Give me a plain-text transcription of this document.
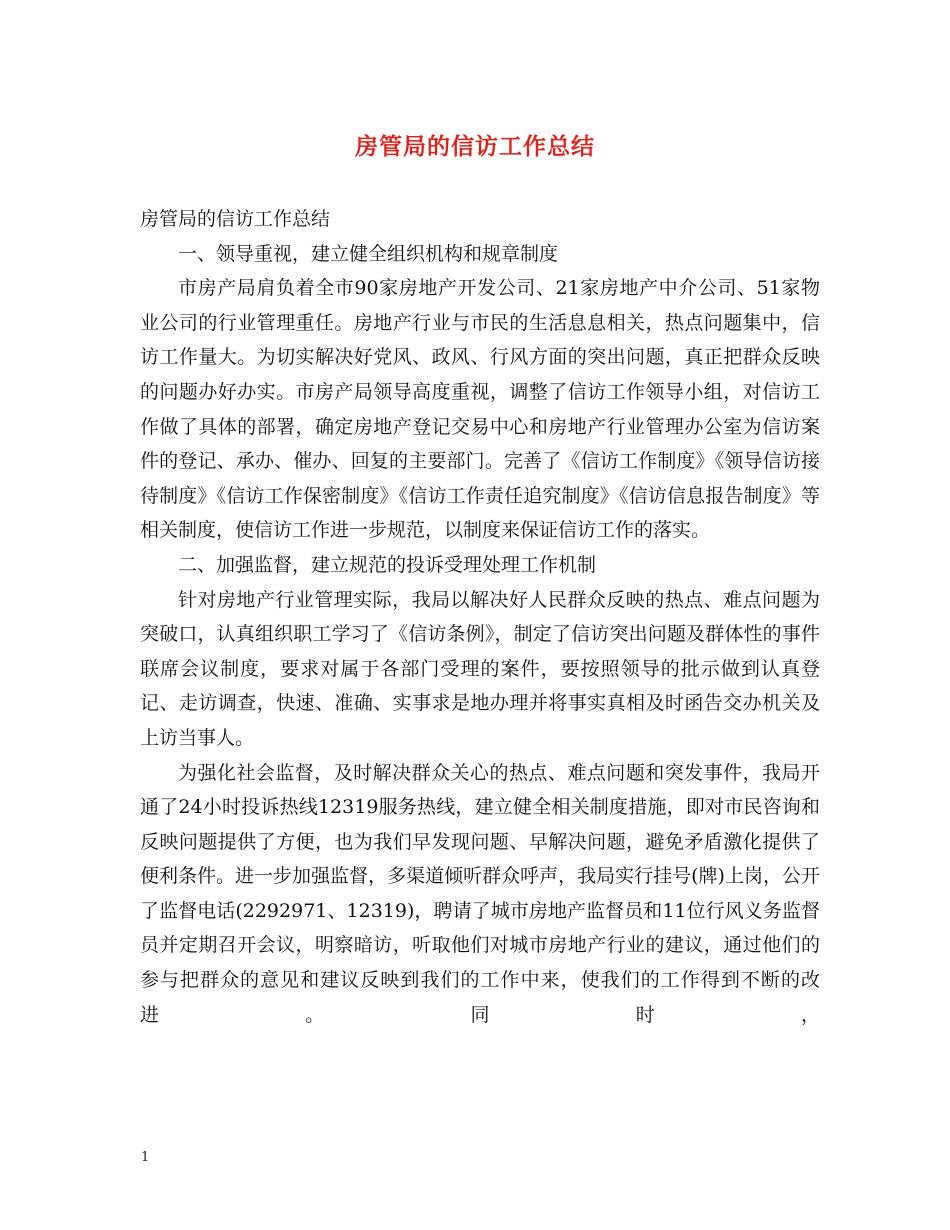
房管局的信访工作总结

房管局的信访工作总结

一、领导重视，建立健全组织机构和规章制度

市房产局肩负着全市90家房地产开发公司、21家房地产中介公司、51家物业公司的行业管理重任。房地产行业与市民的生活息息相关，热点问题集中，信访工作量大。为切实解决好党风、政风、行风方面的突出问题，真正把群众反映的问题办好办实。市房产局领导高度重视，调整了信访工作领导小组，对信访工作做了具体的部署，确定房地产登记交易中心和房地产行业管理办公室为信访案件的登记、承办、催办、回复的主要部门。完善了《信访工作制度》《领导信访接待制度》《信访工作保密制度》《信访工作责任追究制度》《信访信息报告制度》等相关制度，使信访工作进一步规范，以制度来保证信访工作的落实。

二、加强监督，建立规范的投诉受理处理工作机制

针对房地产行业管理实际，我局以解决好人民群众反映的热点、难点问题为突破口，认真组织职工学习了《信访条例》，制定了信访突出问题及群体性的事件联席会议制度，要求对属于各部门受理的案件，要按照领导的批示做到认真登记、走访调查，快速、准确、实事求是地办理并将事实真相及时函告交办机关及上访当事人。

为强化社会监督，及时解决群众关心的热点、难点问题和突发事件，我局开通了24小时投诉热线12319服务热线，建立健全相关制度措施，即对市民咨询和反映问题提供了方便，也为我们早发现问题、早解决问题，避免矛盾激化提供了便利条件。进一步加强监督，多渠道倾听群众呼声，我局实行挂号(牌)上岗，公开了监督电话(2292971、12319)，聘请了城市房地产监督员和11位行风义务监督员并定期召开会议，明察暗访，听取他们对城市房地产行业的建议，通过他们的参与把群众的意见和建议反映到我们的工作中来，使我们的工作得到不断的改进。同时，

1
